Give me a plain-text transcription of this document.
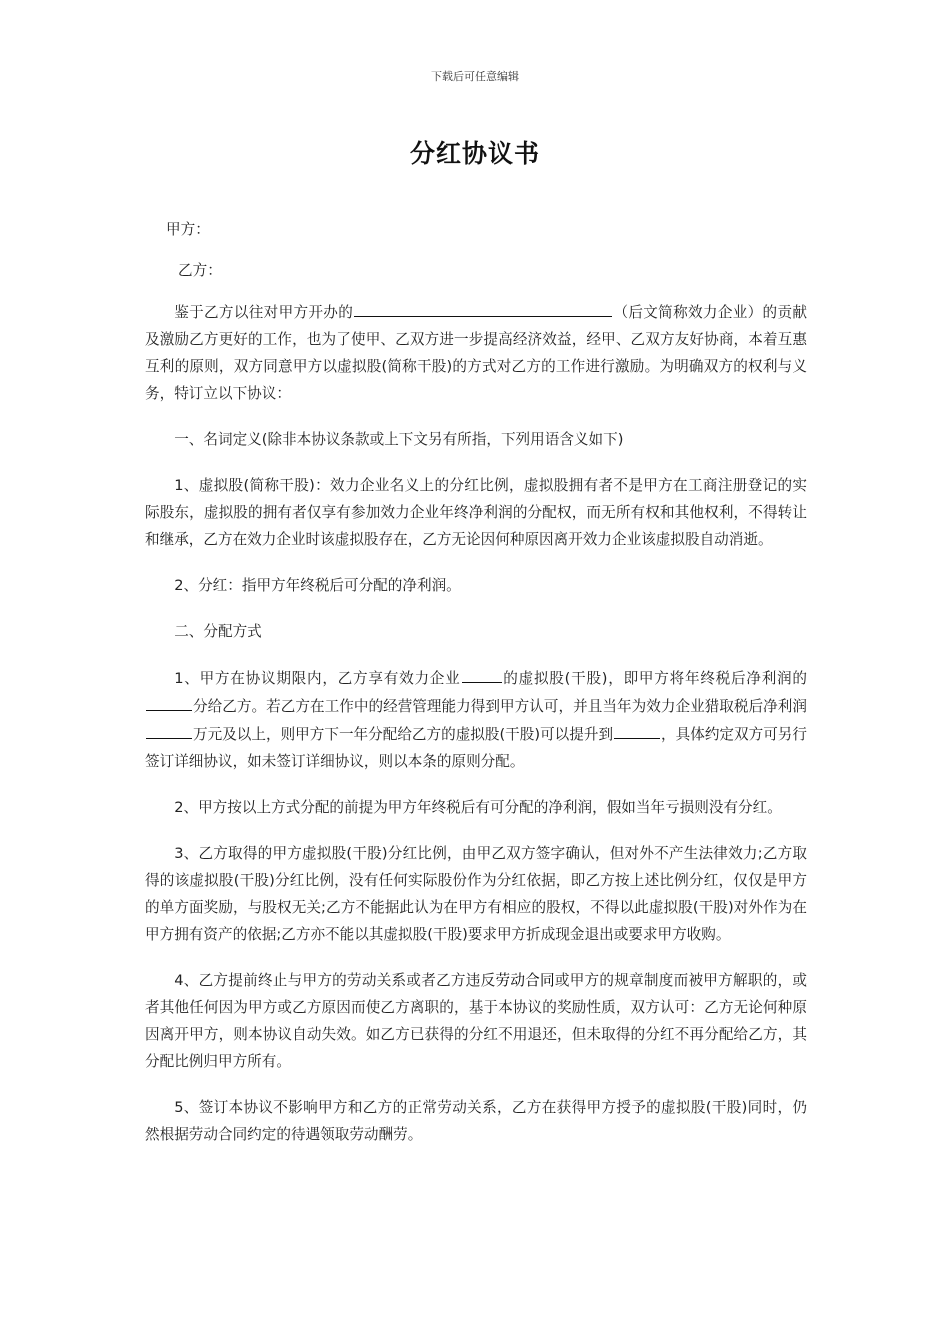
下载后可任意编辑
分红协议书
甲方：
乙方：

鉴于乙方以往对甲方开办的	（后文简称效力企业）的贡献及激励乙方更好的工作，也为了使甲、乙双方进一步提高经济效益，经甲、乙双方友好协商，本着互惠互利的原则，双方同意甲方以虚拟股(简称干股)的方式对乙方的工作进行激励。为明确双方的权利与义务，特订立以下协议：

一、名词定义(除非本协议条款或上下文另有所指，下列用语含义如下)

1、虚拟股(简称干股)：效力企业名义上的分红比例，虚拟股拥有者不是甲方在工商注册登记的实际股东，虚拟股的拥有者仅享有参加效力企业年终净利润的分配权，而无所有权和其他权利，不得转让和继承，乙方在效力企业时该虚拟股存在，乙方无论因何种原因离开效力企业该虚拟股自动消逝。

2、分红：指甲方年终税后可分配的净利润。

二、分配方式

1、甲方在协议期限内，乙方享有效力企业	的虚拟股(干股)，即甲方将年终税后净利润的分给乙方。若乙方在工作中的经营管理能力得到甲方认可，并且当年为效力企业猎取税后净利润万元及以上，则甲方下一年分配给乙方的虚拟股(干股)可以提升到	，具体约定双方可另行签订详细协议，如未签订详细协议，则以本条的原则分配。

2、甲方按以上方式分配的前提为甲方年终税后有可分配的净利润，假如当年亏损则没有分红。

3、乙方取得的甲方虚拟股(干股)分红比例，由甲乙双方签字确认，但对外不产生法律效力;乙方取得的该虚拟股(干股)分红比例，没有任何实际股份作为分红依据，即乙方按上述比例分红，仅仅是甲方的单方面奖励，与股权无关;乙方不能据此认为在甲方有相应的股权，不得以此虚拟股(干股)对外作为在甲方拥有资产的依据;乙方亦不能以其虚拟股(干股)要求甲方折成现金退出或要求甲方收购。

4、乙方提前终止与甲方的劳动关系或者乙方违反劳动合同或甲方的规章制度而被甲方解职的，或者其他任何因为甲方或乙方原因而使乙方离职的，基于本协议的奖励性质，双方认可：乙方无论何种原因离开甲方，则本协议自动失效。如乙方已获得的分红不用退还，但未取得的分红不再分配给乙方，其分配比例归甲方所有。

5、签订本协议不影响甲方和乙方的正常劳动关系，乙方在获得甲方授予的虚拟股(干股)同时，仍然根据劳动合同约定的待遇领取劳动酬劳。
